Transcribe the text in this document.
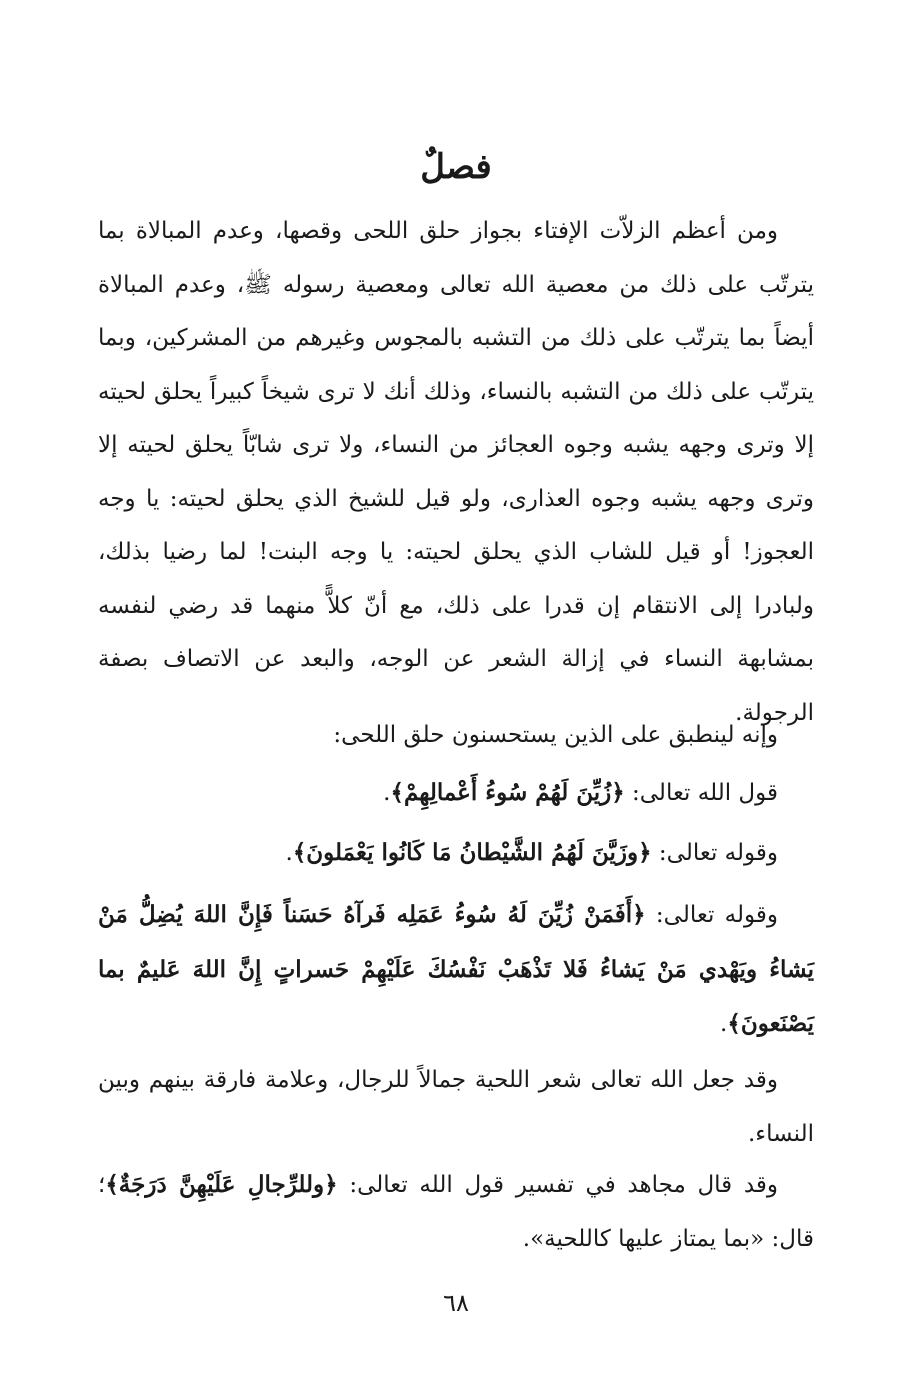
فصلٌ

ومن أعظم الزلاّت الإفتاء بجواز حلق اللحى وقصها، وعدم المبالاة بما يترتّب على ذلك من معصية الله تعالى ومعصية رسوله ﷺ، وعدم المبالاة أيضاً بما يترتّب على ذلك من التشبه بالمجوس وغيرهم من المشركين، وبما يترتّب على ذلك من التشبه بالنساء، وذلك أنك لا ترى شيخاً كبيراً يحلق لحيته إلا وترى وجهه يشبه وجوه العجائز من النساء، ولا ترى شابّاً يحلق لحيته إلا وترى وجهه يشبه وجوه العذارى، ولو قيل للشيخ الذي يحلق لحيته: يا وجه العجوز! أو قيل للشاب الذي يحلق لحيته: يا وجه البنت! لما رضيا بذلك، ولبادرا إلى الانتقام إن قدرا على ذلك، مع أنّ كلاًّ منهما قد رضي لنفسه بمشابهة النساء في إزالة الشعر عن الوجه، والبعد عن الاتصاف بصفة الرجولة.

وإنه لينطبق على الذين يستحسنون حلق اللحى:

قول الله تعالى: ﴿زُيِّنَ لَهُمْ سُوءُ أَعْمالِهِمْ﴾.

وقوله تعالى: ﴿وزَيَّنَ لَهُمُ الشَّيْطانُ مَا كَانُوا يَعْمَلونَ﴾.

وقوله تعالى: ﴿أَفَمَنْ زُيِّنَ لَهُ سُوءُ عَمَلِه فَرآهُ حَسَناً فَإِنَّ اللهَ يُضِلُّ مَنْ يَشاءُ ويَهْدي مَنْ يَشاءُ فَلا تَذْهَبْ نَفْسُكَ عَلَيْهِمْ حَسراتٍ إِنَّ اللهَ عَليمٌ بما يَصْنَعونَ﴾.

وقد جعل الله تعالى شعر اللحية جمالاً للرجال، وعلامة فارقة بينهم وبين النساء.

وقد قال مجاهد في تفسير قول الله تعالى: ﴿وللرِّجالِ عَلَيْهِنَّ دَرَجَةٌ﴾؛ قال: «بما يمتاز عليها كاللحية».

٦٨
